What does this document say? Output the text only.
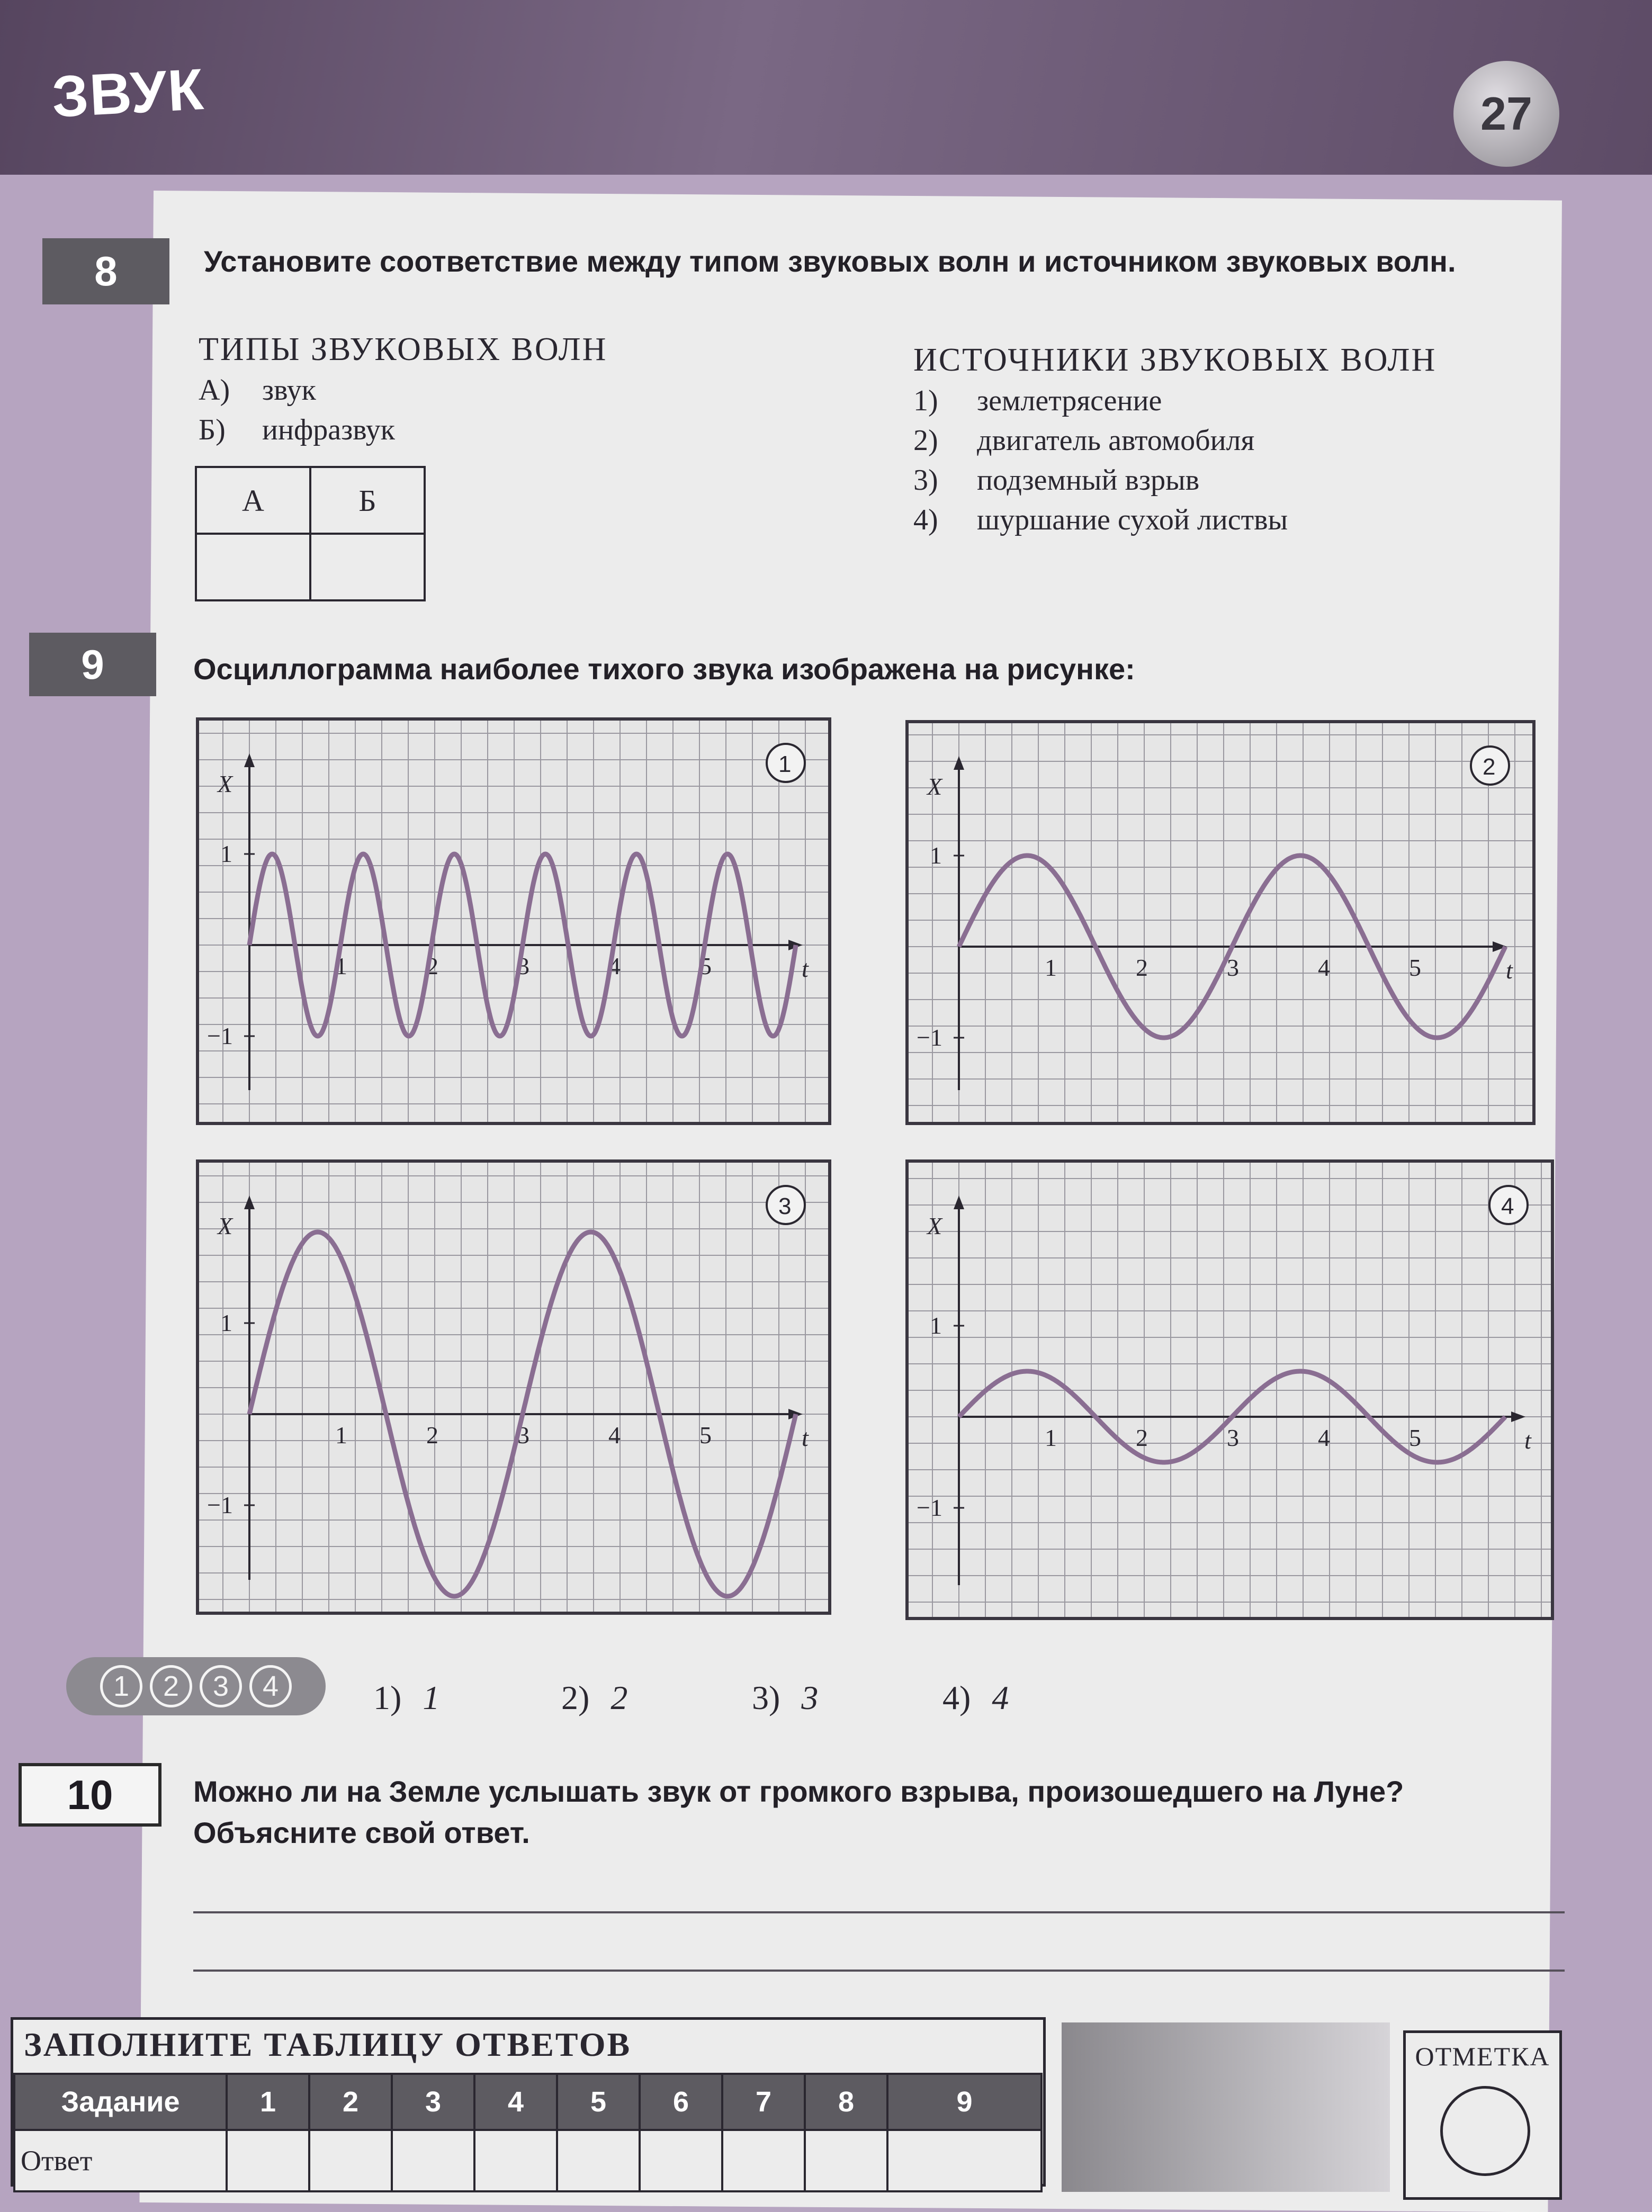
ЗВУК	27
8	Установите соответствие между типом звуковых волн и источником звуковых волн.
ТИПЫ ЗВУКОВЫХ ВОЛН
А) звук
Б) инфразвук
ИСТОЧНИКИ ЗВУКОВЫХ ВОЛН
1) землетрясение
2) двигатель автомобиля
3) подземный взрыв
4) шуршание сухой листвы
А	Б

9	Осциллограмма наиболее тихого звука изображена на рисунке:
X
t
1	2	3	4	5
1
−1
1
X
t
1	2	3	4	5
1
−1
2
X
t
1	2	3	4	5
1
−1
3
X
t
1	2	3	4	5
1
−1
4
1	2	3	4	1) 1	2) 2	3) 3	4) 4
10	Можно ли на Земле услышать звук от громкого взрыва, произошедшего на Луне? Объясните свой ответ.
ЗАПОЛНИТЕ ТАБЛИЦУ ОТВЕТОВ
Задание	1	2	3	4	5	6	7	8	9
Ответ									
ОТМЕТКА
